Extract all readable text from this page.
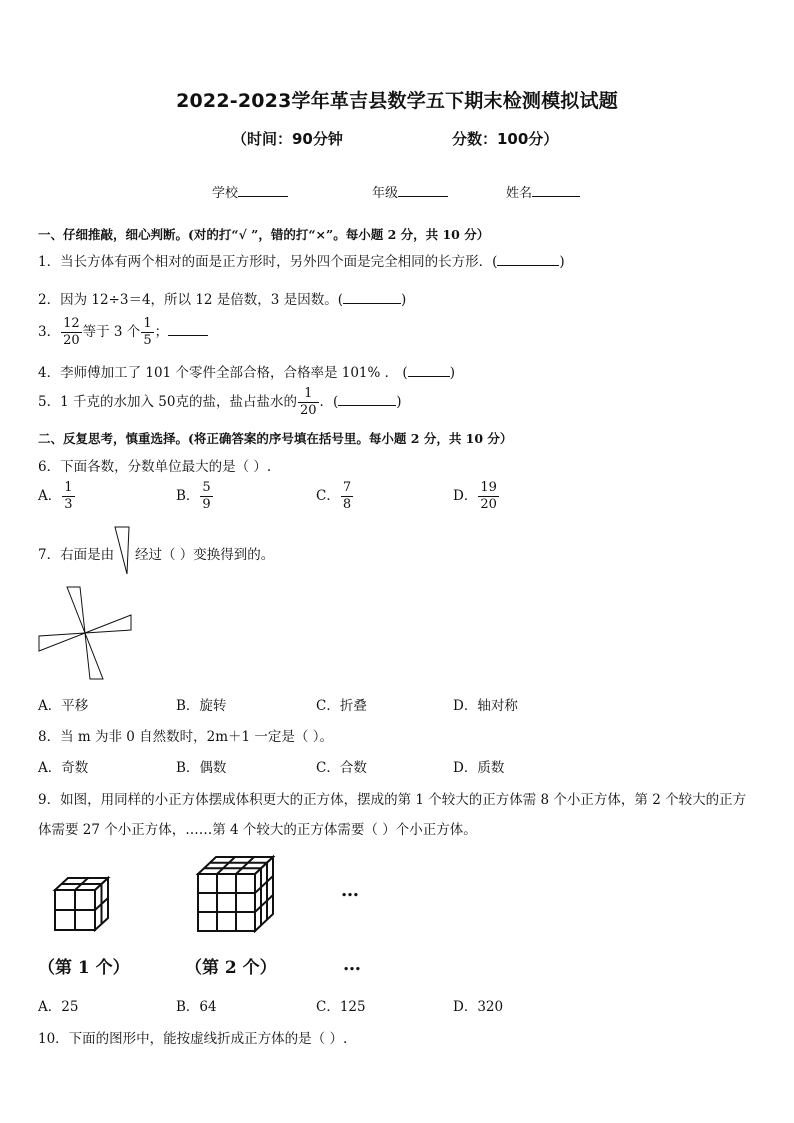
2022-2023学年革吉县数学五下期末检测模拟试题
（时间：90分钟	分数：100分）
学校	年级	姓名
一、仔细推敲，细心判断。(对的打“√ ”，错的打“×”。每小题 2 分，共 10 分）
1．当长方体有两个相对的面是正方形时，另外四个面是完全相同的长方形．(	)
2．因为 12÷3＝4，所以 12 是倍数，3 是因数。(	)
3． $\frac{12}{20}$ 等于 3 个 $\frac{1}{5}$ ；
4．李师傅加工了 101 个零件全部合格，合格率是 101% ． (	)
5．1 千克的水加入 50克的盐，盐占盐水的 $\frac{1}{20}$ ．(	)
二、反复思考，慎重选择。(将正确答案的序号填在括号里。每小题 2 分，共 10 分）
6．下面各数，分数单位最大的是（ ）.
A． $\frac{1}{3}$	B． $\frac{5}{9}$	C． $\frac{7}{8}$	D． $\frac{19}{20}$
7．右面是由 经过（ ）变换得到的。
A．平移	B．旋转	C．折叠	D．轴对称
8．当 m 为非 0 自然数时，2m＋1 一定是（ ）。
A．奇数	B．偶数	C．合数	D．质数
9．如图，用同样的小正方体摆成体积更大的正方体，摆成的第 1 个较大的正方体需 8 个小正方体，第 2 个较大的正方
体需要 27 个小正方体，……第 4 个较大的正方体需要（ ）个小正方体。
…
（第 1 个）	（第 2 个）	…
A．25	B．64	C．125	D．320
10．下面的图形中，能按虚线折成正方体的是（ ）.
